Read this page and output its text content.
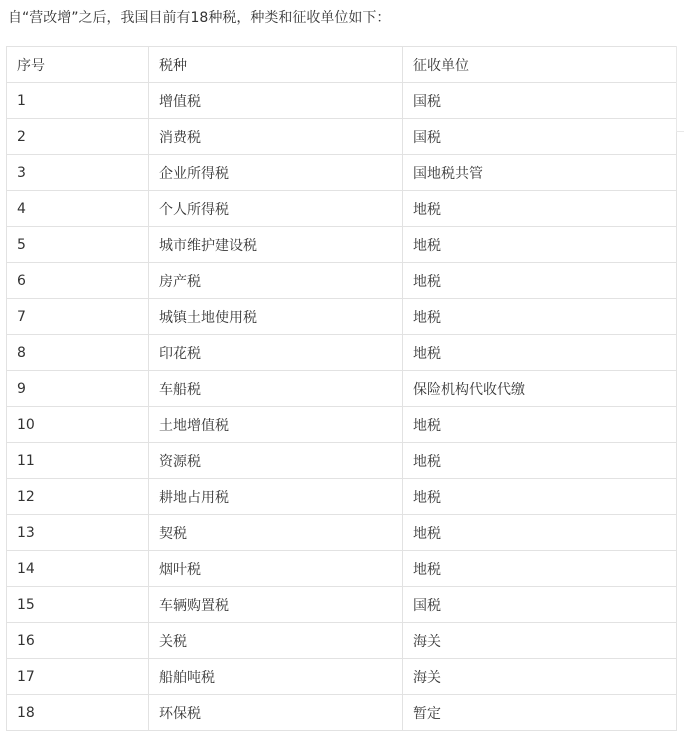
自“营改增”之后，我国目前有18种税，种类和征收单位如下：
序号	税种	征收单位
1	增值税	国税
2	消费税	国税
3	企业所得税	国地税共管
4	个人所得税	地税
5	城市维护建设税	地税
6	房产税	地税
7	城镇土地使用税	地税
8	印花税	地税
9	车船税	保险机构代收代缴
10	土地增值税	地税
11	资源税	地税
12	耕地占用税	地税
13	契税	地税
14	烟叶税	地税
15	车辆购置税	国税
16	关税	海关
17	船舶吨税	海关
18	环保税	暂定
